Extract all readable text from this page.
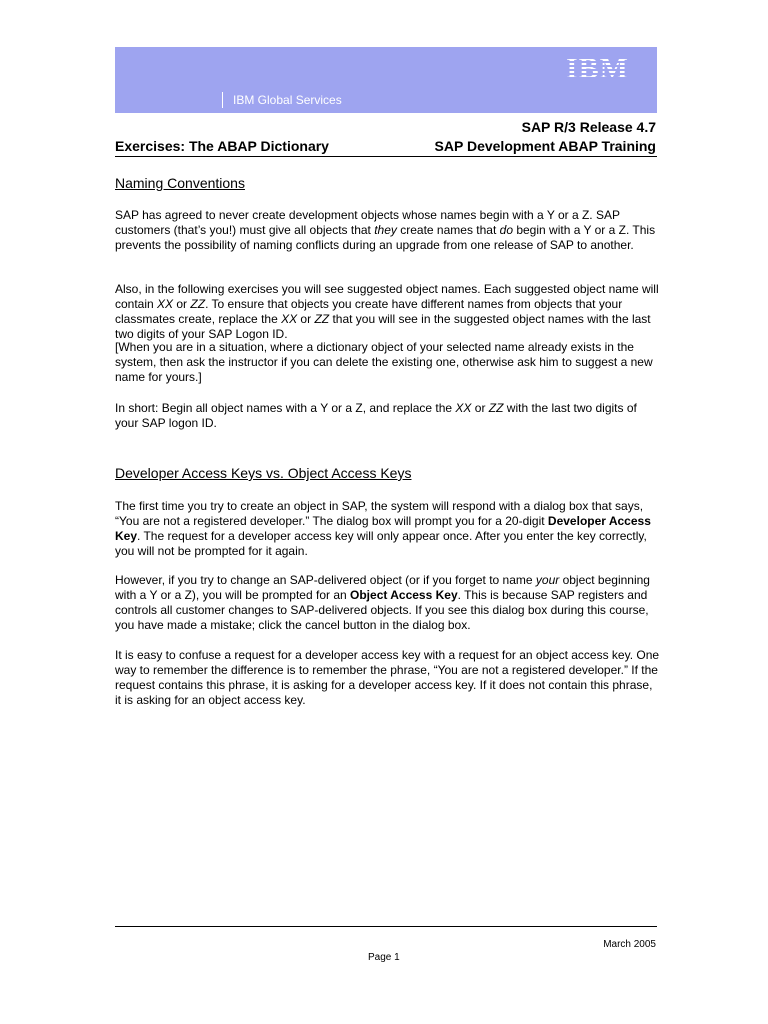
IBM
IBM Global Services
SAP R/3 Release 4.7
Exercises: The ABAP Dictionary	SAP Development ABAP Training
Naming Conventions

SAP has agreed to never create development objects whose names begin with a Y or a Z. SAP customers (that’s you!) must give all objects that they create names that do begin with a Y or a Z. This prevents the possibility of naming conflicts during an upgrade from one release of SAP to another.

Also, in the following exercises you will see suggested object names. Each suggested object name will contain XX or ZZ. To ensure that objects you create have different names from objects that your classmates create, replace the XX or ZZ that you will see in the suggested object names with the last two digits of your SAP Logon ID.

[When you are in a situation, where a dictionary object of your selected name already exists in the system, then ask the instructor if you can delete the existing one, otherwise ask him to suggest a new name for yours.]

In short: Begin all object names with a Y or a Z, and replace the XX or ZZ with the last two digits of your SAP logon ID.

Developer Access Keys vs. Object Access Keys

The first time you try to create an object in SAP, the system will respond with a dialog box that says, “You are not a registered developer.” The dialog box will prompt you for a 20-digit Developer Access Key. The request for a developer access key will only appear once. After you enter the key correctly, you will not be prompted for it again.

However, if you try to change an SAP-delivered object (or if you forget to name your object beginning with a Y or a Z), you will be prompted for an Object Access Key. This is because SAP registers and controls all customer changes to SAP-delivered objects. If you see this dialog box during this course, you have made a mistake; click the cancel button in the dialog box.

It is easy to confuse a request for a developer access key with a request for an object access key. One way to remember the difference is to remember the phrase, “You are not a registered developer.” If the request contains this phrase, it is asking for a developer access key. If it does not contain this phrase, it is asking for an object access key.

March 2005
Page 1
